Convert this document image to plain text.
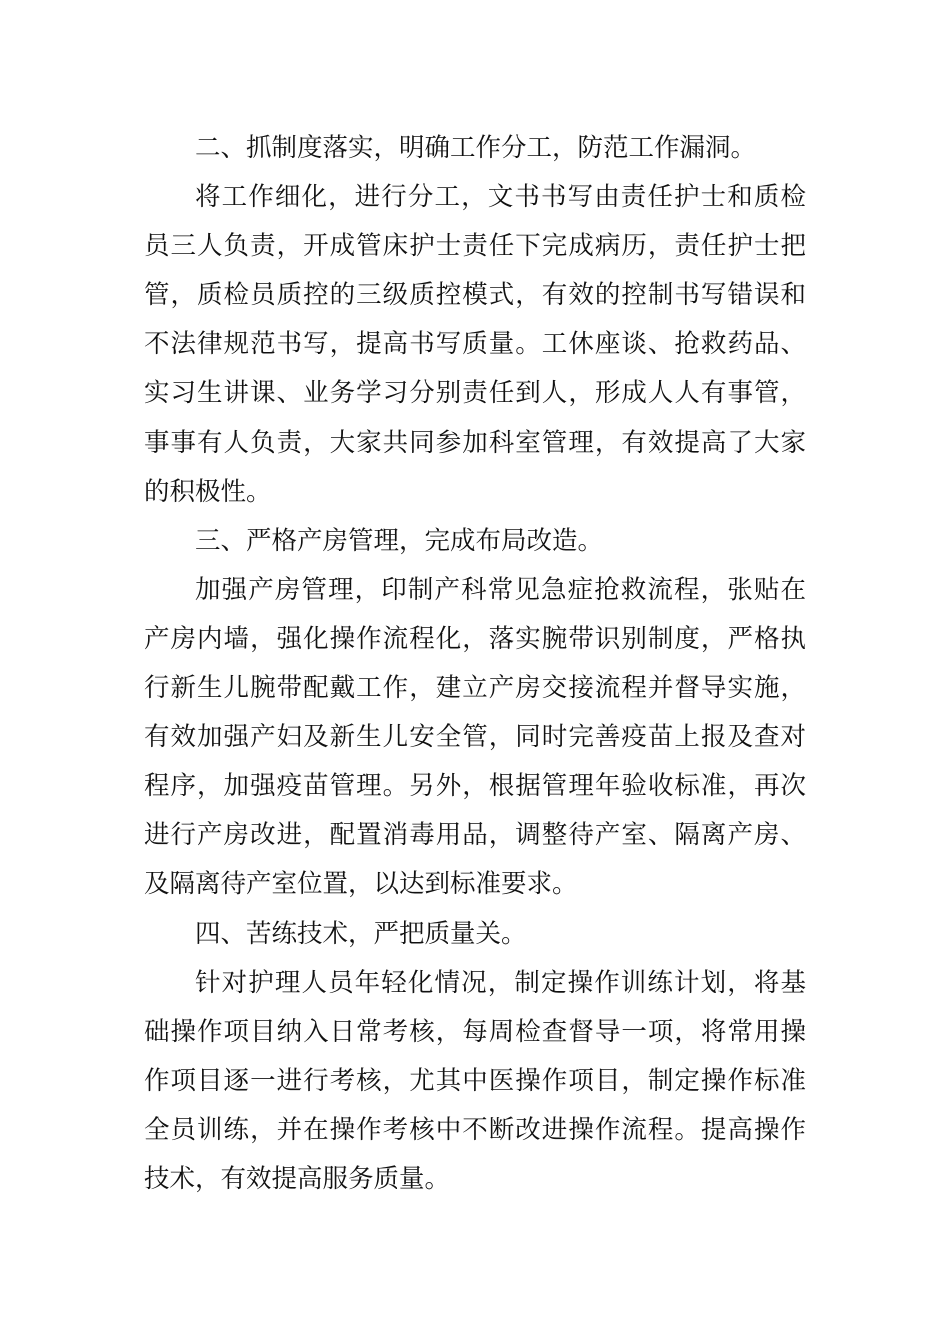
二、抓制度落实，明确工作分工，防范工作漏洞。

将工作细化，进行分工，文书书写由责任护士和质检
员三人负责，开成管床护士责任下完成病历，责任护士把
管，质检员质控的三级质控模式，有效的控制书写错误和
不法律规范书写，提高书写质量。工休座谈、抢救药品、
实习生讲课、业务学习分别责任到人，形成人人有事管，
事事有人负责，大家共同参加科室管理，有效提高了大家
的积极性。

三、严格产房管理，完成布局改造。

加强产房管理，印制产科常见急症抢救流程，张贴在
产房内墙，强化操作流程化，落实腕带识别制度，严格执
行新生儿腕带配戴工作，建立产房交接流程并督导实施，
有效加强产妇及新生儿安全管，同时完善疫苗上报及查对
程序，加强疫苗管理。另外，根据管理年验收标准，再次
进行产房改进，配置消毒用品，调整待产室、隔离产房、
及隔离待产室位置，以达到标准要求。

四、苦练技术，严把质量关。

针对护理人员年轻化情况，制定操作训练计划，将基
础操作项目纳入日常考核，每周检查督导一项，将常用操
作项目逐一进行考核，尤其中医操作项目，制定操作标准
全员训练，并在操作考核中不断改进操作流程。提高操作
技术，有效提高服务质量。
